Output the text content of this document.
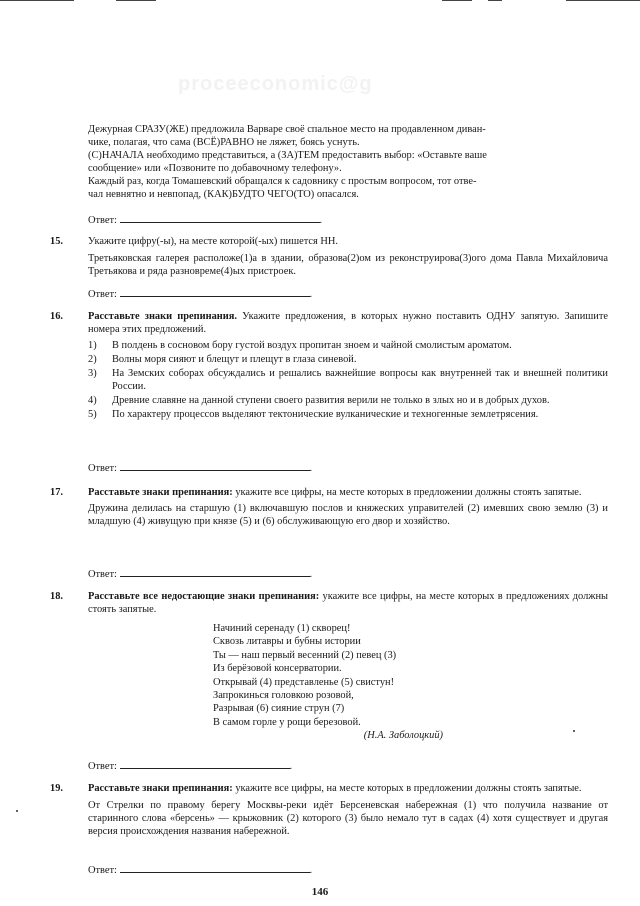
proceeconomic@g

Дежурная СРАЗУ(ЖЕ) предложила Варваре своё спальное место на продавленном диван-

чике, полагая, что сама (ВСЁ)РАВНО не ляжет, боясь уснуть.

(С)НАЧАЛА необходимо представиться, а (ЗА)ТЕМ предоставить выбор: «Оставьте ваше

сообщение» или «Позвоните по добавочному телефону».

Каждый раз, когда Томашевский обращался к садовнику с простым вопросом, тот отве-

чал невнятно и невпопад, (КАК)БУДТО ЧЕГО(ТО) опасался.

Ответ:	.
15. Укажите цифру(-ы), на месте которой(-ых) пишется НН.

Третьяковская галерея расположе(1)а в здании, образова(2)ом из реконструирова(3)ого дома Павла Михайловича Третьякова и ряда разновреме(4)ых пристроек.

Ответ:	.
16. Расставьте знаки препинания. Укажите предложения, в которых нужно поставить ОДНУ запятую. Запишите номера этих предложений.

1) В полдень в сосновом бору густой воздух пропитан зноем и чайной смолистым ароматом.
2) Волны моря сияют и блещут и плещут в глаза синевой.
3) На Земских соборах обсуждались и решались важнейшие вопросы как внутренней так и внешней политики России.
4) Древние славяне на данной ступени своего развития верили не только в злых но и в добрых духов.
5) По характеру процессов выделяют тектонические вулканические и техногенные землетрясения.
Ответ:	.
17. Расставьте знаки препинания: укажите все цифры, на месте которых в предложении должны стоять запятые.

Дружина делилась на старшую (1) включавшую послов и княжеских управителей (2) имевших свою землю (3) и младшую (4) живущую при князе (5) и (6) обслуживающую его двор и хозяйство.

Ответ:	.
18. Расставьте все недостающие знаки препинания: укажите все цифры, на месте которых в предложениях должны стоять запятые.

Начиний серенаду (1) скворец!

Сквозь литавры и бубны истории

Ты — наш первый весенний (2) певец (3)

Из берёзовой консерватории.

Открывай (4) представленье (5) свистун!

Запрокинься головкою розовой,

Разрывая (6) сияние струн (7)

В самом горле у рощи березовой.

(Н.А. Заболоцкий)

Ответ:	.
19. Расставьте знаки препинания: укажите все цифры, на месте которых в предложении должны стоять запятые.

От Стрелки по правому берегу Москвы-реки идёт Берсеневская набережная (1) что получила название от старинного слова «берсень» — крыжовник (2) которого (3) было немало тут в садах (4) хотя существует и другая версия происхождения названия набережной.

Ответ:	.
146
